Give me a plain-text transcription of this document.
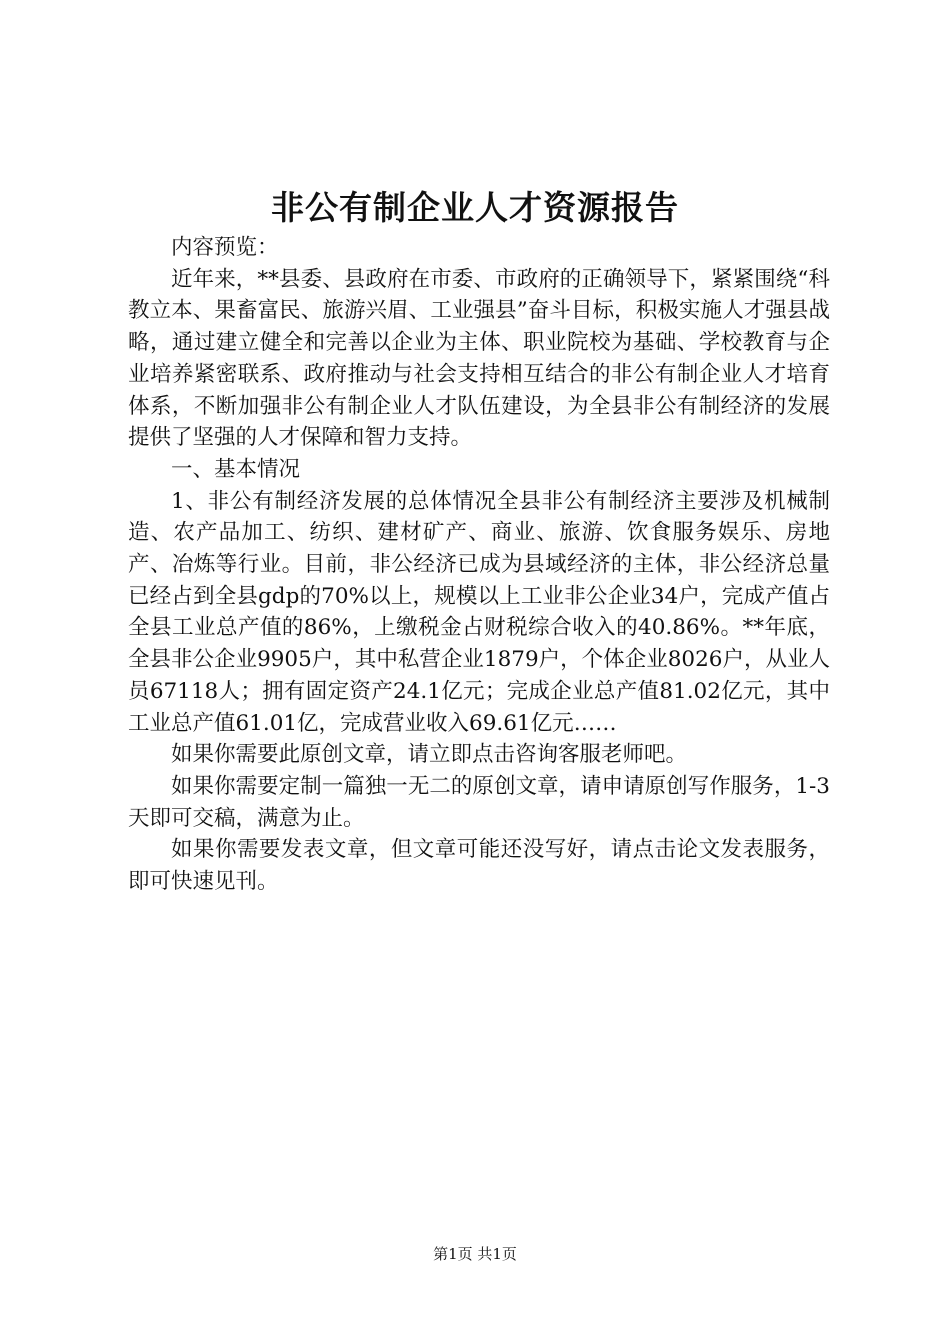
非公有制企业人才资源报告

内容预览：

近年来，**县委、县政府在市委、市政府的正确领导下，紧紧围绕“科教立本、果畜富民、旅游兴眉、工业强县”奋斗目标，积极实施人才强县战略，通过建立健全和完善以企业为主体、职业院校为基础、学校教育与企业培养紧密联系、政府推动与社会支持相互结合的非公有制企业人才培育体系，不断加强非公有制企业人才队伍建设，为全县非公有制经济的发展提供了坚强的人才保障和智力支持。

一、基本情况

1、非公有制经济发展的总体情况全县非公有制经济主要涉及机械制造、农产品加工、纺织、建材矿产、商业、旅游、饮食服务娱乐、房地产、冶炼等行业。目前，非公经济已成为县域经济的主体，非公经济总量已经占到全县gdp的70%以上，规模以上工业非公企业34户，完成产值占全县工业总产值的86%，上缴税金占财税综合收入的40.86%。**年底，全县非公企业9905户，其中私营企业1879户，个体企业8026户，从业人员67118人；拥有固定资产24.1亿元；完成企业总产值81.02亿元，其中工业总产值61.01亿，完成营业收入69.61亿元……

如果你需要此原创文章，请立即点击咨询客服老师吧。

如果你需要定制一篇独一无二的原创文章，请申请原创写作服务，1-3天即可交稿，满意为止。

如果你需要发表文章，但文章可能还没写好，请点击论文发表服务，即可快速见刊。

第1页 共1页
